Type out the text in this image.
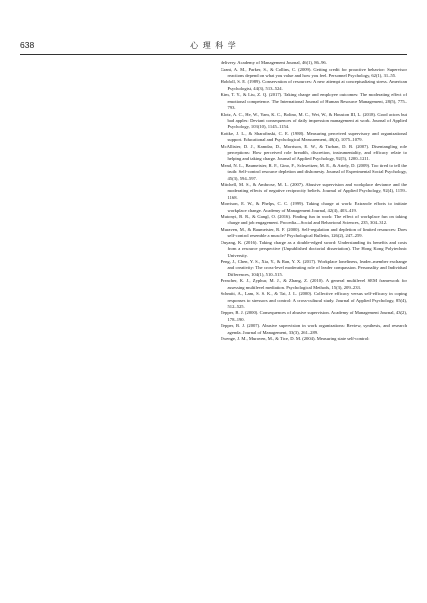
638	心 理 科 学

delivery. Academy of Management Journal, 46(1), 86–96.

Grant, A. M., Parker, S., & Collins, C. (2009). Getting credit for proactive behavior: Supervisor reactions depend on what you value and how you feel. Personnel Psychology, 62(1), 31–55.

Hobfoll, S. E. (1989). Conservation of resources: A new attempt at conceptualizing stress. American Psychologist, 44(3), 513–524.

Kim, T. Y., & Liu, Z. Q. (2017). Taking charge and employee outcomes: The moderating effect of emotional competence. The International Journal of Human Resource Management, 28(5), 775–793.

Klotz, A. C., He, W., Yam, K. C., Bolino, M. C., Wei, W., & Houston III, L. (2018). Good actors but bad apples: Deviant consequences of daily impression management at work. Journal of Applied Psychology, 103(10), 1145–1154.

Kottke, J. L., & Sharafinski, C. E. (1988). Measuring perceived supervisory and organizational support. Educational and Psychological Measurement, 48(4), 1075–1079.

McAllister, D. J., Kamdar, D., Morrison, E. W., & Turban, D. B. (2007). Disentangling role perceptions: How perceived role breadth, discretion, instrumentality, and efficacy relate to helping and taking charge. Journal of Applied Psychology, 92(5), 1200–1211.

Mead, N. L., Baumeister, R. F., Gino, F., Schweitzer, M. E., & Ariely, D. (2009). Too tired to tell the truth: Self-control resource depletion and dishonesty. Journal of Experimental Social Psychology, 45(3), 594–597.

Mitchell, M. S., & Ambrose, M. L. (2007). Abusive supervision and workplace deviance and the moderating effects of negative reciprocity beliefs. Journal of Applied Psychology, 92(4), 1159–1168.

Morrison, E. W., & Phelps, C. C. (1999). Taking charge at work: Extrarole efforts to initiate workplace change. Academy of Management Journal, 42(4), 403–419.

Mutonyi, B. R., & Gangl, O. (2016). Finding fun in work: The effect of workplace fun on taking charge and job engagement. Procedia—Social and Behavioral Sciences, 235, 304–312.

Muraven, M., & Baumeister, R. F. (2000). Self-regulation and depletion of limited resources: Does self-control resemble a muscle? Psychological Bulletin, 126(2), 247–259.

Ouyang, K. (2016). Taking charge as a double-edged sword: Understanding its benefits and costs from a resource perspective (Unpublished doctorial dissertation). The Hong Kong Polytechnic University.

Peng, J., Chen, Y. S., Xia, Y., & Ran, Y. X. (2017). Workplace loneliness, leader–member exchange and creativity: The cross-level moderating role of leader compassion. Personality and Individual Differences, 104(1), 510–515.

Preacher, K. J., Zyphur, M. J., & Zhang, Z. (2010). A general multilevel SEM framework for assessing multilevel mediation. Psychological Methods, 15(3), 209–233.

Schmitt, A., Lam, S. S. K., & Tai, J. L. (2000). Collective efficacy versus self-efficacy in coping responses to stressors and control: A cross-cultural study. Journal of Applied Psychology, 85(4), 512–525.

Tepper, B. J. (2000). Consequences of abusive supervision. Academy of Management Journal, 43(2), 178–190.

Tepper, B. J. (2007). Abusive supervision in work organizations: Review, synthesis, and research agenda. Journal of Management, 33(3), 261–289.

Twenge, J. M., Muraven, M., & Tice, D. M. (2004). Measuring state self-control:
